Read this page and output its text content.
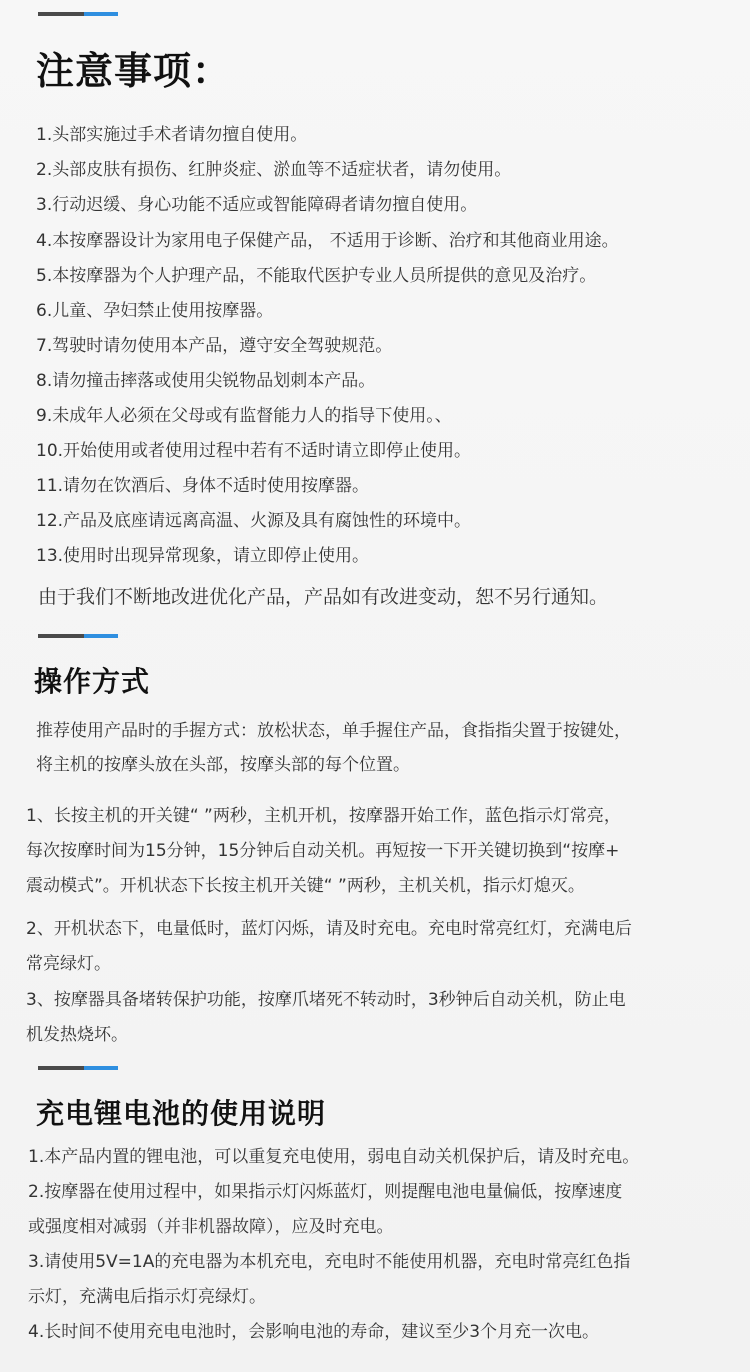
注意事项：
1.头部实施过手术者请勿擅自使用。
2.头部皮肤有损伤、红肿炎症、淤血等不适症状者，请勿使用。
3.行动迟缓、身心功能不适应或智能障碍者请勿擅自使用。
4.本按摩器设计为家用电子保健产品， 不适用于诊断、治疗和其他商业用途。
5.本按摩器为个人护理产品，不能取代医护专业人员所提供的意见及治疗。
6.儿童、孕妇禁止使用按摩器。
7.驾驶时请勿使用本产品，遵守安全驾驶规范。
8.请勿撞击摔落或使用尖锐物品划刺本产品。
9.未成年人必须在父母或有监督能力人的指导下使用。、
10.开始使用或者使用过程中若有不适时请立即停止使用。
11.请勿在饮酒后、身体不适时使用按摩器。
12.产品及底座请远离高温、火源及具有腐蚀性的环境中。
13.使用时出现异常现象，请立即停止使用。
由于我们不断地改进优化产品，产品如有改进变动，恕不另行通知。
操作方式
推荐使用产品时的手握方式：放松状态，单手握住产品，食指指尖置于按键处，
将主机的按摩头放在头部，按摩头部的每个位置。
1、长按主机的开关键“ ”两秒，主机开机，按摩器开始工作，蓝色指示灯常亮，
每次按摩时间为15分钟，15分钟后自动关机。再短按一下开关键切换到“按摩+
震动模式”。开机状态下长按主机开关键“ ”两秒，主机关机，指示灯熄灭。
2、开机状态下，电量低时，蓝灯闪烁，请及时充电。充电时常亮红灯，充满电后
常亮绿灯。
3、按摩器具备堵转保护功能，按摩爪堵死不转动时，3秒钟后自动关机，防止电
机发热烧坏。
充电锂电池的使用说明
1.本产品内置的锂电池，可以重复充电使用，弱电自动关机保护后，请及时充电。
2.按摩器在使用过程中，如果指示灯闪烁蓝灯，则提醒电池电量偏低，按摩速度
或强度相对减弱（并非机器故障），应及时充电。
3.请使用5V=1A的充电器为本机充电，充电时不能使用机器，充电时常亮红色指
示灯，充满电后指示灯亮绿灯。
4.长时间不使用充电电池时，会影响电池的寿命，建议至少3个月充一次电。
